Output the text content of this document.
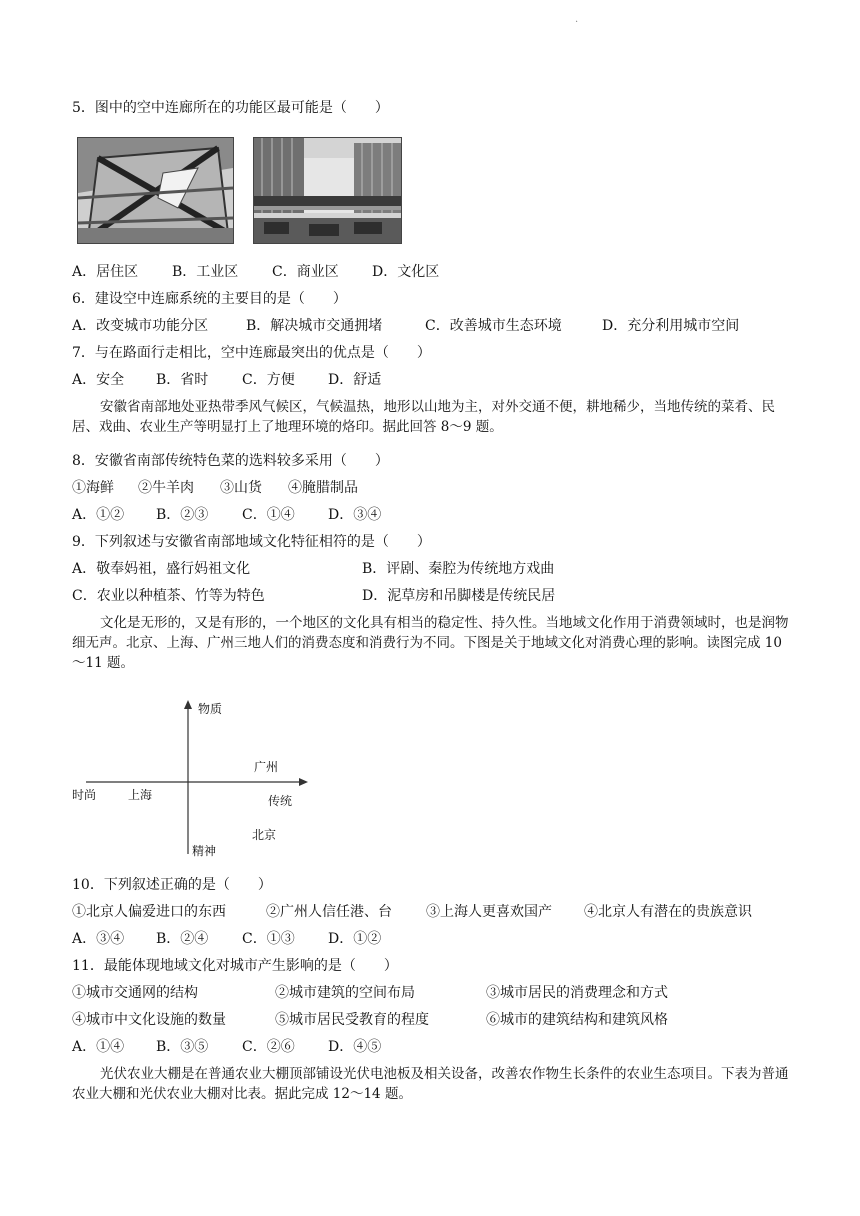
.
5．图中的空中连廊所在的功能区最可能是（　　）
A．居住区 B．工业区 C．商业区 D．文化区
6．建设空中连廊系统的主要目的是（　　）
A．改变城市功能分区	B．解决城市交通拥堵	C．改善城市生态环境	D．充分利用城市空间
7．与在路面行走相比，空中连廊最突出的优点是（　　）
A．安全 B．省时 C．方便 D．舒适
安徽省南部地处亚热带季风气候区，气候温热，地形以山地为主，对外交通不便，耕地稀少，当地传统的菜肴、民居、戏曲、农业生产等明显打上了地理环境的烙印。据此回答 8～9 题。
8．安徽省南部传统特色菜的选料较多采用（　　）
①海鲜 ②牛羊肉 ③山货 ④腌腊制品
A．①② B．②③ C．①④ D．③④
9．下列叙述与安徽省南部地域文化特征相符的是（　　）
A．敬奉妈祖，盛行妈祖文化	B．评剧、秦腔为传统地方戏曲
C．农业以种植茶、竹等为特色	D．泥草房和吊脚楼是传统民居
文化是无形的，又是有形的，一个地区的文化具有相当的稳定性、持久性。当地域文化作用于消费领域时，也是润物细无声。北京、上海、广州三地人们的消费态度和消费行为不同。下图是关于地域文化对消费心理的影响。读图完成 10～11 题。
物质
精神
时尚	传统
广州
上海
北京
10．下列叙述正确的是（　　）
①北京人偏爱进口的东西	②广州人信任港、台 ③上海人更喜欢国产 ④北京人有潜在的贵族意识
A．③④ B．②④ C．①③ D．①②
11．最能体现地域文化对城市产生影响的是（　　）
①城市交通网的结构	②城市建筑的空间布局	③城市居民的消费理念和方式
④城市中文化设施的数量	⑤城市居民受教育的程度	⑥城市的建筑结构和建筑风格
A．①④ B．③⑤ C．②⑥ D．④⑤
光伏农业大棚是在普通农业大棚顶部铺设光伏电池板及相关设备，改善农作物生长条件的农业生态项目。下表为普通农业大棚和光伏农业大棚对比表。据此完成 12～14 题。
